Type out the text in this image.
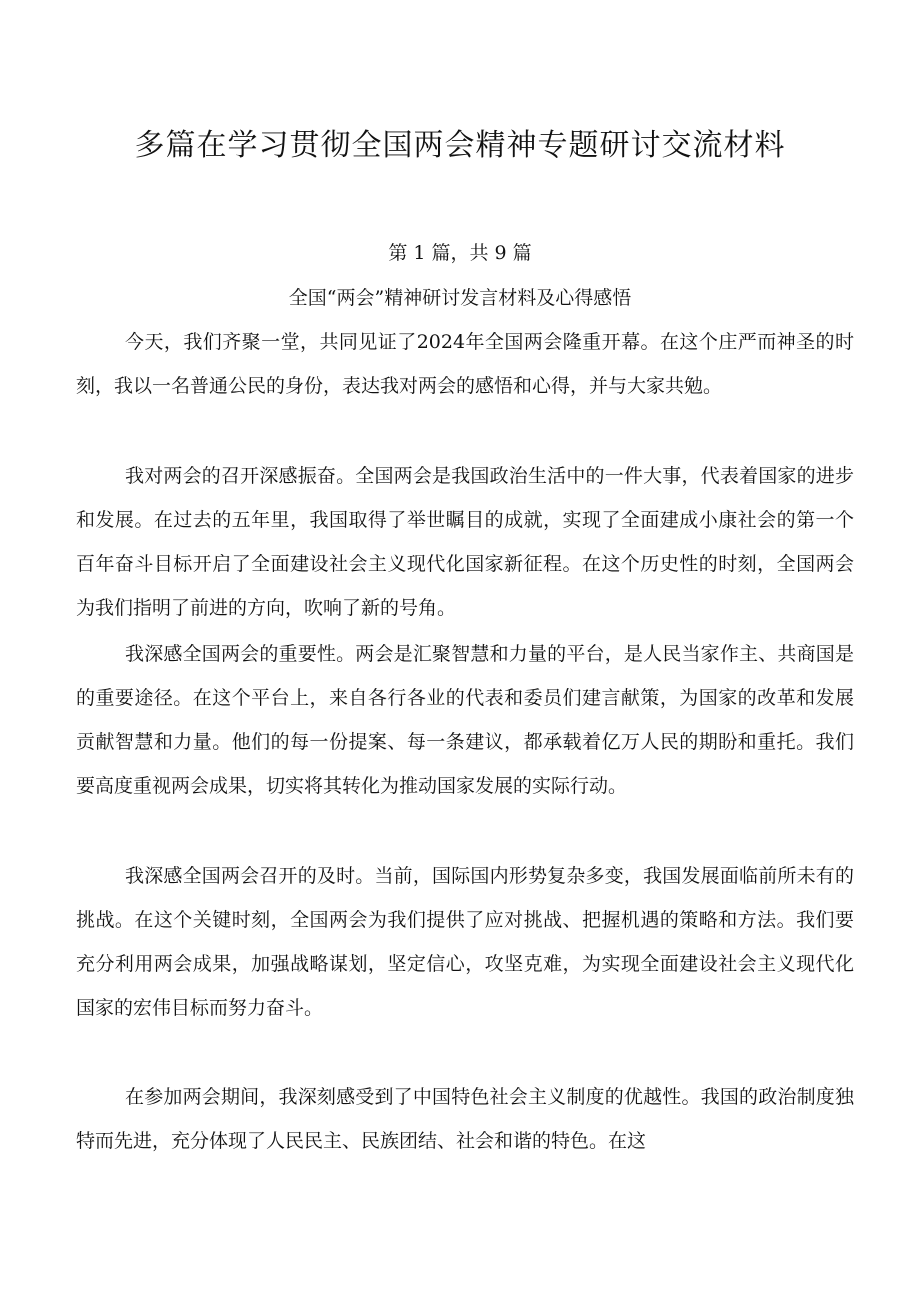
多篇在学习贯彻全国两会精神专题研讨交流材料
第 1 篇，共 9 篇
全国“两会”精神研讨发言材料及心得感悟

今天，我们齐聚一堂，共同见证了2024年全国两会隆重开幕。在这个庄严而神圣的时刻，我以一名普通公民的身份，表达我对两会的感悟和心得，并与大家共勉。

我对两会的召开深感振奋。全国两会是我国政治生活中的一件大事，代表着国家的进步和发展。在过去的五年里，我国取得了举世瞩目的成就，实现了全面建成小康社会的第一个百年奋斗目标开启了全面建设社会主义现代化国家新征程。在这个历史性的时刻，全国两会为我们指明了前进的方向，吹响了新的号角。

我深感全国两会的重要性。两会是汇聚智慧和力量的平台，是人民当家作主、共商国是的重要途径。在这个平台上，来自各行各业的代表和委员们建言献策，为国家的改革和发展贡献智慧和力量。他们的每一份提案、每一条建议，都承载着亿万人民的期盼和重托。我们要高度重视两会成果，切实将其转化为推动国家发展的实际行动。

我深感全国两会召开的及时。当前，国际国内形势复杂多变，我国发展面临前所未有的挑战。在这个关键时刻，全国两会为我们提供了应对挑战、把握机遇的策略和方法。我们要充分利用两会成果，加强战略谋划，坚定信心，攻坚克难，为实现全面建设社会主义现代化国家的宏伟目标而努力奋斗。

在参加两会期间，我深刻感受到了中国特色社会主义制度的优越性。我国的政治制度独特而先进，充分体现了人民民主、民族团结、社会和谐的特色。在这
